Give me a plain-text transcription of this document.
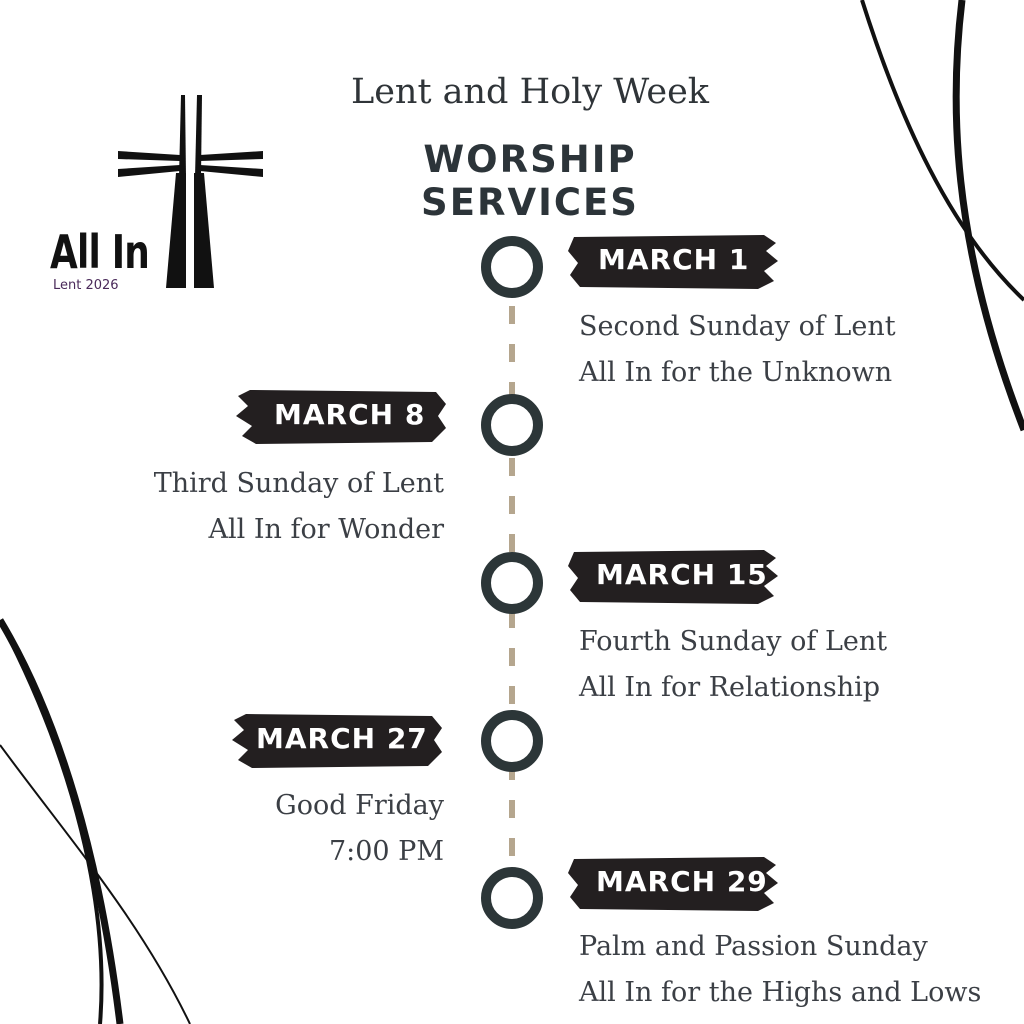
Lent and Holy Week
WORSHIP SERVICES
All In
Lent 2026
MARCH 1

Second Sunday of Lent
All In for the Unknown

MARCH 8

Third Sunday of Lent
All In for Wonder

MARCH 15

Fourth Sunday of Lent
All In for Relationship

MARCH 27

Good Friday
7:00 PM

MARCH 29

Palm and Passion Sunday
All In for the Highs and Lows
